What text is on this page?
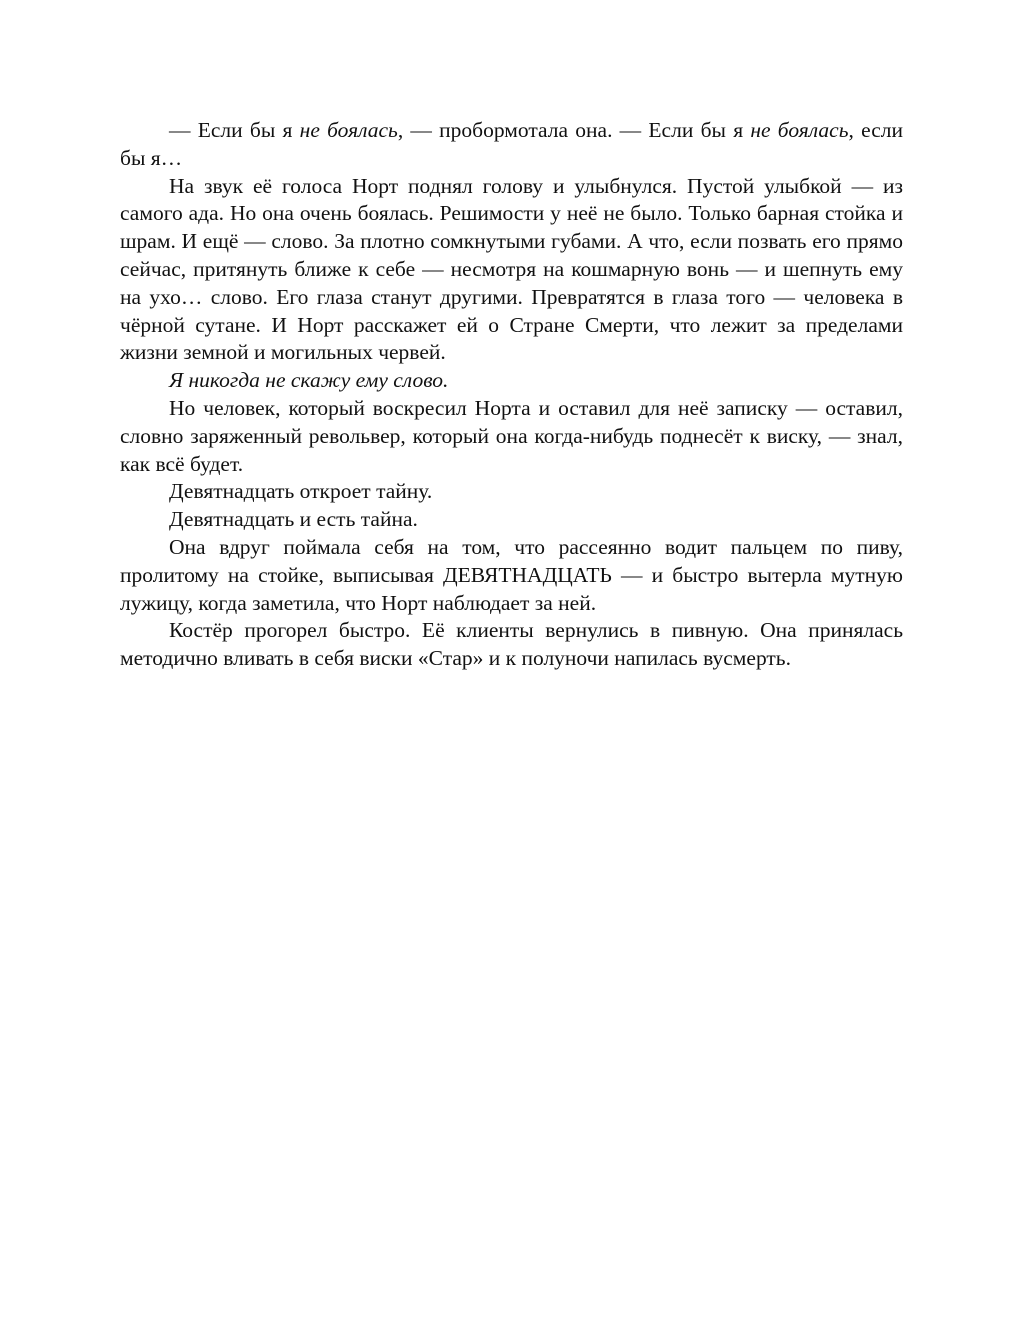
— Если бы я не боялась, — пробормотала она. — Если бы я не боялась, если бы я…

На звук её голоса Норт поднял голову и улыбнулся. Пустой улыбкой — из самого ада. Но она очень боялась. Решимости у неё не было. Только барная стойка и шрам. И ещё — слово. За плотно сомкнутыми губами. А что, если позвать его прямо сейчас, притянуть ближе к себе — несмотря на кошмарную вонь — и шепнуть ему на ухо… слово. Его глаза станут другими. Превратятся в глаза того — человека в чёрной сутане. И Норт расскажет ей о Стране Смерти, что лежит за пределами жизни земной и могильных червей.

Я никогда не скажу ему слово.

Но человек, который воскресил Норта и оставил для неё записку — оставил, словно заряженный револьвер, который она когда-нибудь поднесёт к виску, — знал, как всё будет.

Девятнадцать откроет тайну.

Девятнадцать и есть тайна.

Она вдруг поймала себя на том, что рассеянно водит пальцем по пиву, пролитому на стойке, выписывая ДЕВЯТНАДЦАТЬ — и быстро вытерла мутную лужицу, когда заметила, что Норт наблюдает за ней.

Костёр прогорел быстро. Её клиенты вернулись в пивную. Она принялась методично вливать в себя виски «Стар» и к полуночи напилась вусмерть.
